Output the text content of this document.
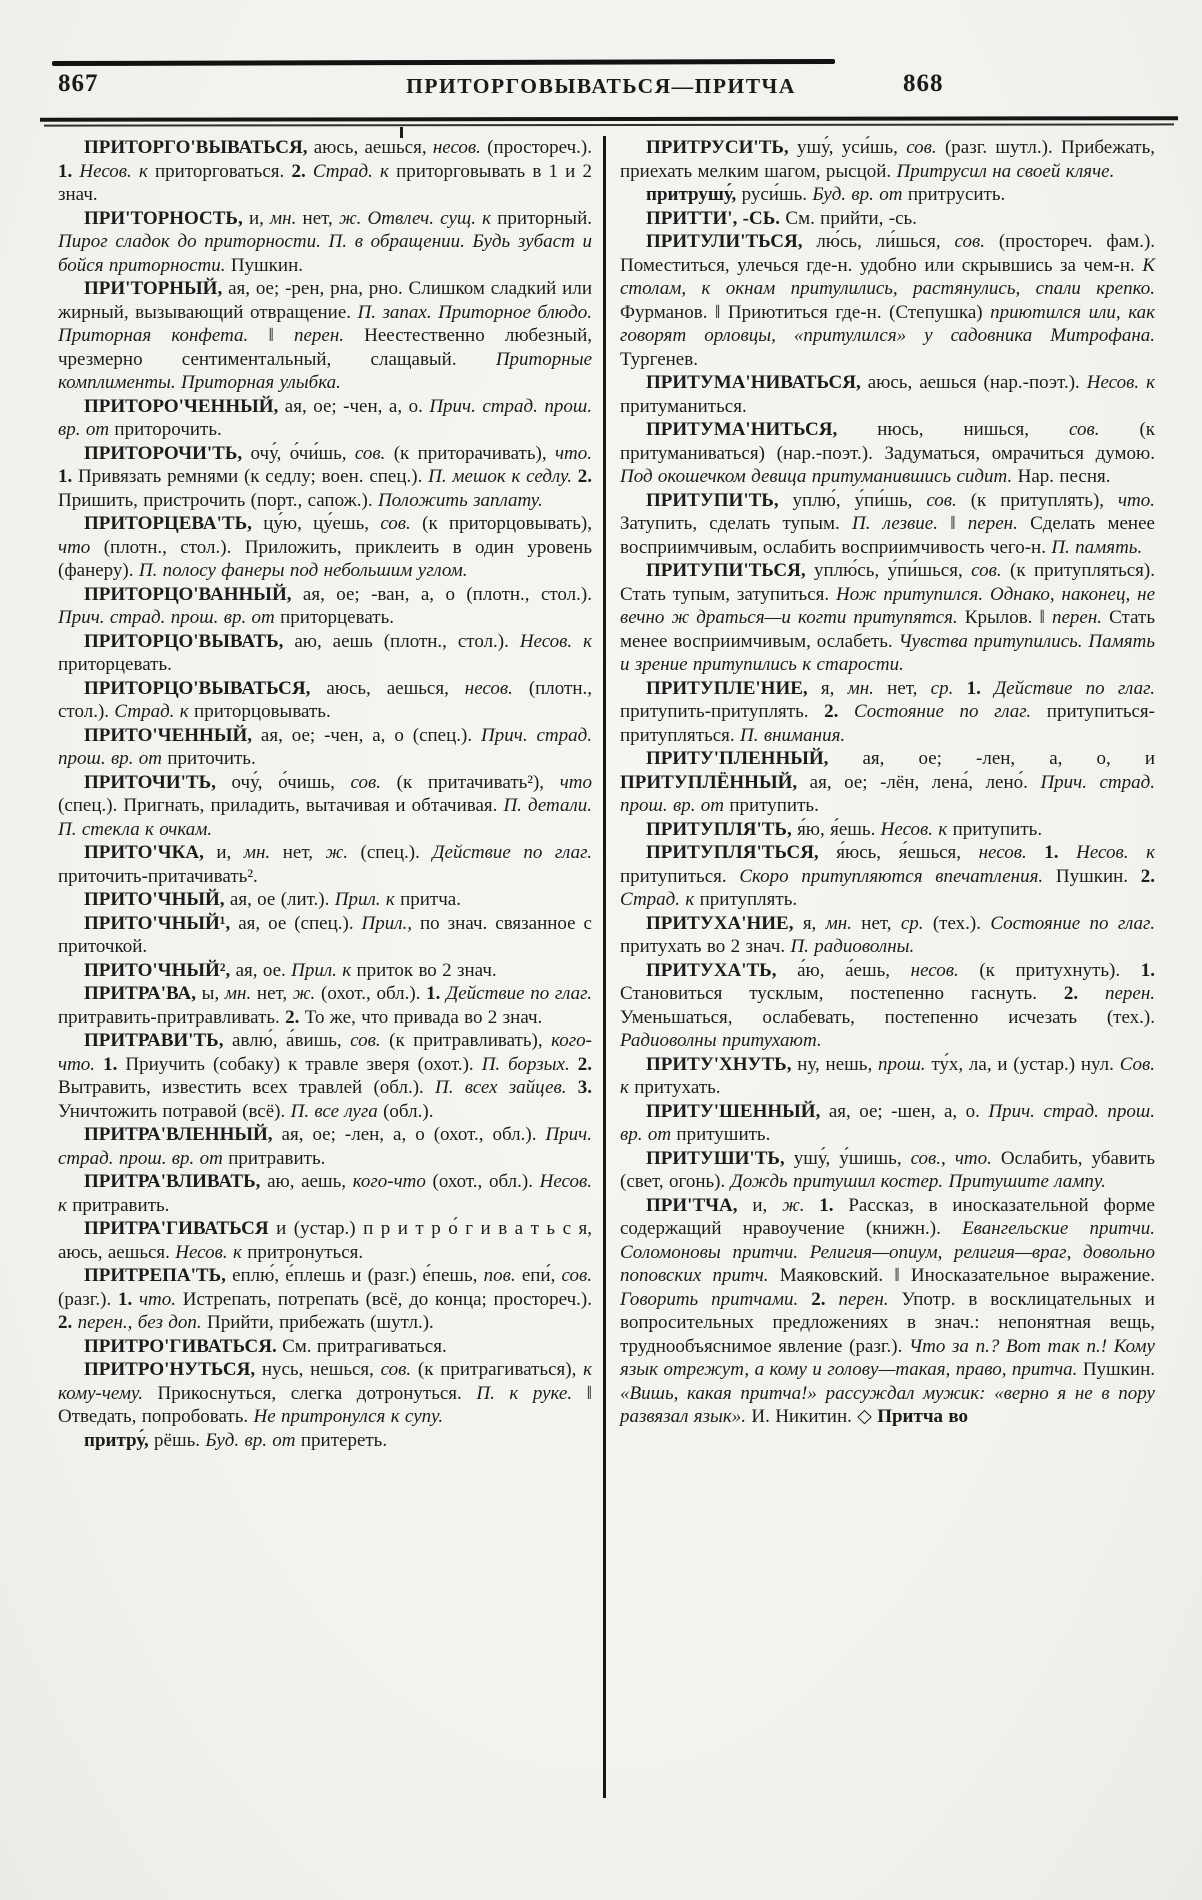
867	ПРИТОРГОВЫВАТЬСЯ—ПРИТЧА	868

ПРИТОРГО'ВЫВАТЬСЯ, аюсь, аешься, несов. (простореч.). 1. Несов. к приторговаться. 2. Страд. к приторговывать в 1 и 2 знач.

ПРИ'ТОРНОСТЬ, и, мн. нет, ж. Отвлеч. сущ. к приторный. Пирог сладок до приторности. П. в обращении. Будь зубаст и бойся приторности. Пушкин.

ПРИ'ТОРНЫЙ, ая, ое; -рен, рна, рно. Слишком сладкий или жирный, вызывающий отвращение. П. запах. Приторное блюдо. Приторная конфета. ‖ перен. Неестественно любезный, чрезмерно сентиментальный, слащавый. Приторные комплименты. Приторная улыбка.

ПРИТОРО'ЧЕННЫЙ, ая, ое; -чен, а, о. Прич. страд. прош. вр. от приторочить.

ПРИТОРОЧИ'ТЬ, очу́, о́чи́шь, сов. (к приторачивать), что. 1. Привязать ремнями (к седлу; воен. спец.). П. мешок к седлу. 2. Пришить, пристрочить (порт., сапож.). Положить заплату.

ПРИТОРЦЕВА'ТЬ, цу́ю, цу́ешь, сов. (к приторцовывать), что (плотн., стол.). Приложить, приклеить в один уровень (фанеру). П. полосу фанеры под небольшим углом.

ПРИТОРЦО'ВАННЫЙ, ая, ое; -ван, а, о (плотн., стол.). Прич. страд. прош. вр. от приторцевать.

ПРИТОРЦО'ВЫВАТЬ, аю, аешь (плотн., стол.). Несов. к приторцевать.

ПРИТОРЦО'ВЫВАТЬСЯ, аюсь, аешься, несов. (плотн., стол.). Страд. к приторцовывать.

ПРИТО'ЧЕННЫЙ, ая, ое; -чен, а, о (спец.). Прич. страд. прош. вр. от приточить.

ПРИТОЧИ'ТЬ, очу́, о́чишь, сов. (к притачивать²), что (спец.). Пригнать, приладить, вытачивая и обтачивая. П. детали. П. стекла к очкам.

ПРИТО'ЧКА, и, мн. нет, ж. (спец.). Действие по глаг. приточить-притачивать².

ПРИТО'ЧНЫЙ, ая, ое (лит.). Прил. к притча.

ПРИТО'ЧНЫЙ¹, ая, ое (спец.). Прил., по знач. связанное с приточкой.

ПРИТО'ЧНЫЙ², ая, ое. Прил. к приток во 2 знач.

ПРИТРА'ВА, ы, мн. нет, ж. (охот., обл.). 1. Действие по глаг. притравить-притравливать. 2. То же, что привада во 2 знач.

ПРИТРАВИ'ТЬ, авлю́, а́вишь, сов. (к притравливать), кого-что. 1. Приучить (собаку) к травле зверя (охот.). П. борзых. 2. Вытравить, известить всех травлей (обл.). П. всех зайцев. 3. Уничтожить потравой (всё). П. все луга (обл.).

ПРИТРА'ВЛЕННЫЙ, ая, ое; -лен, а, о (охот., обл.). Прич. страд. прош. вр. от притравить.

ПРИТРА'ВЛИВАТЬ, аю, аешь, кого-что (охот., обл.). Несов. к притравить.

ПРИТРА'ГИВАТЬСЯ и (устар.) п р и т р о́ г и в а т ь с я, аюсь, аешься. Несов. к притронуться.

ПРИТРЕПА'ТЬ, еплю́, е́плешь и (разг.) е́пешь, пов. епи́, сов. (разг.). 1. что. Истрепать, потрепать (всё, до конца; простореч.). 2. перен., без доп. Прийти, прибежать (шутл.).

ПРИТРО'ГИВАТЬСЯ. См. притрагиваться.

ПРИТРО'НУТЬСЯ, нусь, нешься, сов. (к притрагиваться), к кому-чему. Прикоснуться, слегка дотронуться. П. к руке. ‖ Отведать, попробовать. Не притронулся к супу.

притру́, рёшь. Буд. вр. от притереть.

ПРИТРУСИ'ТЬ, ушу́, уси́шь, сов. (разг. шутл.). Прибежать, приехать мелким шагом, рысцой. Притрусил на своей кляче.

притрушу́, руси́шь. Буд. вр. от притрусить.

ПРИТТИ', -СЬ. См. прийти, -сь.

ПРИТУЛИ'ТЬСЯ, лю́сь, ли́шься, сов. (простореч. фам.). Поместиться, улечься где-н. удобно или скрывшись за чем-н. К столам, к окнам притулились, растянулись, спали крепко. Фурманов. ‖ Приютиться где-н. (Степушка) приютился или, как говорят орловцы, «притулился» у садовника Митрофана. Тургенев.

ПРИТУМА'НИВАТЬСЯ, аюсь, аешься (нар.-поэт.). Несов. к притуманиться.

ПРИТУМА'НИТЬСЯ, нюсь, нишься, сов. (к притуманиваться) (нар.-поэт.). Задуматься, омрачиться думою. Под окошечком девица притуманившись сидит. Нар. песня.

ПРИТУПИ'ТЬ, уплю́, у́пи́шь, сов. (к притуплять), что. Затупить, сделать тупым. П. лезвие. ‖ перен. Сделать менее восприимчивым, ослабить восприимчивость чего-н. П. память.

ПРИТУПИ'ТЬСЯ, уплю́сь, у́пи́шься, сов. (к притупляться). Стать тупым, затупиться. Нож притупился. Однако, наконец, не вечно ж драться—и когти притупятся. Крылов. ‖ перен. Стать менее восприимчивым, ослабеть. Чувства притупились. Память и зрение притупились к старости.

ПРИТУПЛЕ'НИЕ, я, мн. нет, ср. 1. Действие по глаг. притупить-притуплять. 2. Состояние по глаг. притупиться-притупляться. П. внимания.

ПРИТУ'ПЛЕННЫЙ, ая, ое; -лен, а, о, и ПРИТУПЛЁННЫЙ, ая, ое; -лён, лена́, лено́. Прич. страд. прош. вр. от притупить.

ПРИТУПЛЯ'ТЬ, я́ю, я́ешь. Несов. к притупить.

ПРИТУПЛЯ'ТЬСЯ, я́юсь, я́ешься, несов. 1. Несов. к притупиться. Скоро притупляются впечатления. Пушкин. 2. Страд. к притуплять.

ПРИТУХА'НИЕ, я, мн. нет, ср. (тех.). Состояние по глаг. притухать во 2 знач. П. радиоволны.

ПРИТУХА'ТЬ, а́ю, а́ешь, несов. (к притухнуть). 1. Становиться тусклым, постепенно гаснуть. 2. перен. Уменьшаться, ослабевать, постепенно исчезать (тех.). Радиоволны притухают.

ПРИТУ'ХНУТЬ, ну, нешь, прош. ту́х, ла, и (устар.) нул. Сов. к притухать.

ПРИТУ'ШЕННЫЙ, ая, ое; -шен, а, о. Прич. страд. прош. вр. от притушить.

ПРИТУШИ'ТЬ, ушу́, у́шишь, сов., что. Ослабить, убавить (свет, огонь). Дождь притушил костер. Притушите лампу.

ПРИ'ТЧА, и, ж. 1. Рассказ, в иносказательной форме содержащий нравоучение (книжн.). Евангельские притчи. Соломоновы притчи. Религия—опиум, религия—враг, довольно поповских притч. Маяковский. ‖ Иносказательное выражение. Говорить притчами. 2. перен. Употр. в восклицательных и вопросительных предложениях в знач.: непонятная вещь, труднообъяснимое явление (разг.). Что за п.? Вот так п.! Кому язык отрежут, а кому и голову—такая, право, притча. Пушкин. «Вишь, какая притча!» рассуждал мужик: «верно я не в пору развязал язык». И. Никитин. ◇ Притча во
